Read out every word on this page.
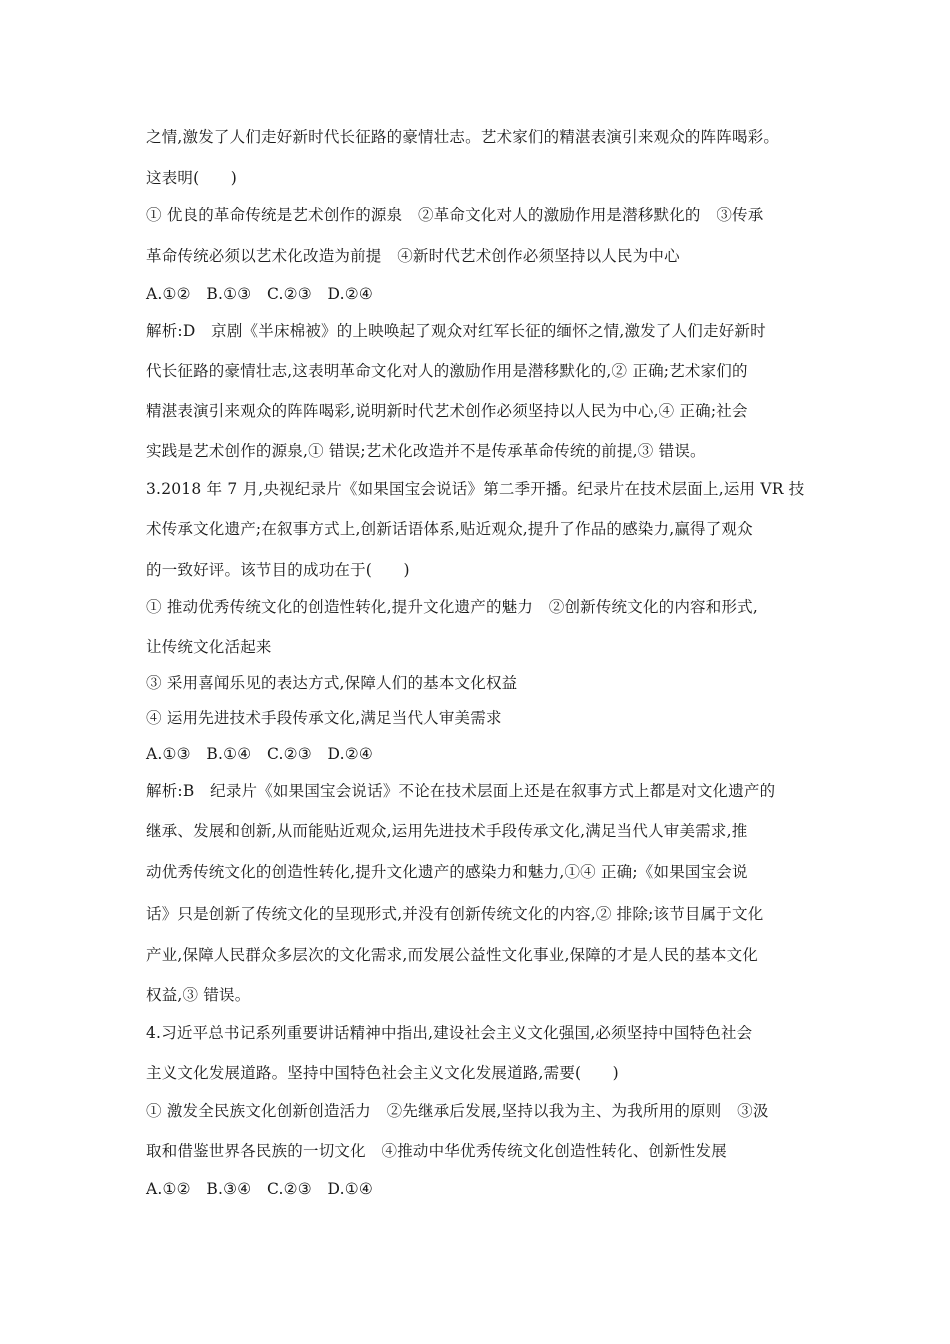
之情,激发了人们走好新时代长征路的豪情壮志。艺术家们的精湛表演引来观众的阵阵喝彩。
这表明(　　)
① 优良的革命传统是艺术创作的源泉　②革命文化对人的激励作用是潜移默化的　③传承
革命传统必须以艺术化改造为前提　④新时代艺术创作必须坚持以人民为中心
A.①②　B.①③　C.②③　D.②④
解析:D　京剧《半床棉被》的上映唤起了观众对红军长征的缅怀之情,激发了人们走好新时
代长征路的豪情壮志,这表明革命文化对人的激励作用是潜移默化的,② 正确;艺术家们的
精湛表演引来观众的阵阵喝彩,说明新时代艺术创作必须坚持以人民为中心,④ 正确;社会
实践是艺术创作的源泉,① 错误;艺术化改造并不是传承革命传统的前提,③ 错误。
3.2018 年 7 月,央视纪录片《如果国宝会说话》第二季开播。纪录片在技术层面上,运用 VR 技
术传承文化遗产;在叙事方式上,创新话语体系,贴近观众,提升了作品的感染力,赢得了观众
的一致好评。该节目的成功在于(　　)
① 推动优秀传统文化的创造性转化,提升文化遗产的魅力　②创新传统文化的内容和形式,
让传统文化活起来
③ 采用喜闻乐见的表达方式,保障人们的基本文化权益
④ 运用先进技术手段传承文化,满足当代人审美需求
A.①③　B.①④　C.②③　D.②④
解析:B　纪录片《如果国宝会说话》不论在技术层面上还是在叙事方式上都是对文化遗产的
继承、发展和创新,从而能贴近观众,运用先进技术手段传承文化,满足当代人审美需求,推
动优秀传统文化的创造性转化,提升文化遗产的感染力和魅力,①④ 正确;《如果国宝会说
话》只是创新了传统文化的呈现形式,并没有创新传统文化的内容,② 排除;该节目属于文化
产业,保障人民群众多层次的文化需求,而发展公益性文化事业,保障的才是人民的基本文化
权益,③ 错误。
4.习近平总书记系列重要讲话精神中指出,建设社会主义文化强国,必须坚持中国特色社会
主义文化发展道路。坚持中国特色社会主义文化发展道路,需要(　　)
① 激发全民族文化创新创造活力　②先继承后发展,坚持以我为主、为我所用的原则　③汲
取和借鉴世界各民族的一切文化　④推动中华优秀传统文化创造性转化、创新性发展
A.①②　B.③④　C.②③　D.①④
